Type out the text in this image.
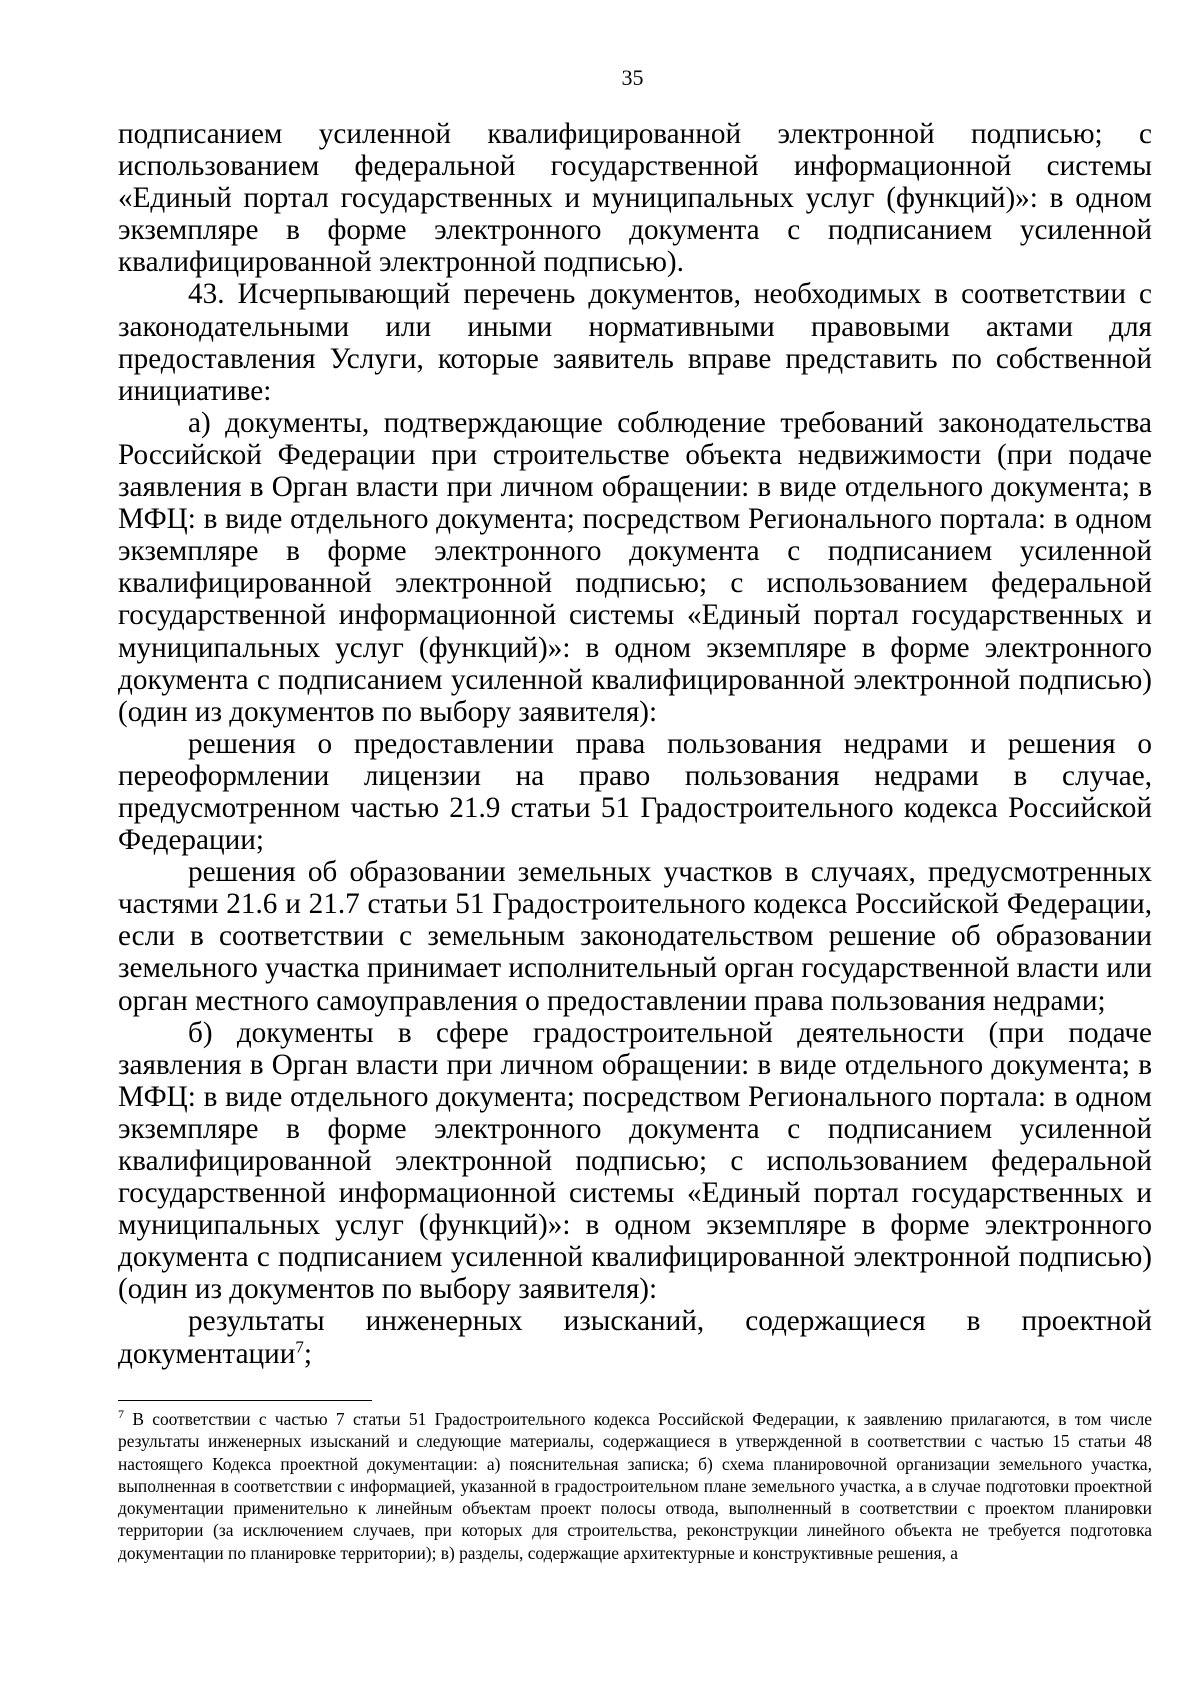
35

подписанием усиленной квалифицированной электронной подписью; с использованием федеральной государственной информационной системы «Единый портал государственных и муниципальных услуг (функций)»: в одном экземпляре в форме электронного документа с подписанием усиленной квалифицированной электронной подписью).

43. Исчерпывающий перечень документов, необходимых в соответствии с законодательными или иными нормативными правовыми актами для предоставления Услуги, которые заявитель вправе представить по собственной инициативе:

а) документы, подтверждающие соблюдение требований законодательства Российской Федерации при строительстве объекта недвижимости (при подаче заявления в Орган власти при личном обращении: в виде отдельного документа; в МФЦ: в виде отдельного документа; посредством Регионального портала: в одном экземпляре в форме электронного документа с подписанием усиленной квалифицированной электронной подписью; с использованием федеральной государственной информационной системы «Единый портал государственных и муниципальных услуг (функций)»: в одном экземпляре в форме электронного документа с подписанием усиленной квалифицированной электронной подписью) (один из документов по выбору заявителя):

решения о предоставлении права пользования недрами и решения о переоформлении лицензии на право пользования недрами в случае, предусмотренном частью 21.9 статьи 51 Градостроительного кодекса Российской Федерации;

решения об образовании земельных участков в случаях, предусмотренных частями 21.6 и 21.7 статьи 51 Градостроительного кодекса Российской Федерации, если в соответствии с земельным законодательством решение об образовании земельного участка принимает исполнительный орган государственной власти или орган местного самоуправления о предоставлении права пользования недрами;

б) документы в сфере градостроительной деятельности (при подаче заявления в Орган власти при личном обращении: в виде отдельного документа; в МФЦ: в виде отдельного документа; посредством Регионального портала: в одном экземпляре в форме электронного документа с подписанием усиленной квалифицированной электронной подписью; с использованием федеральной государственной информационной системы «Единый портал государственных и муниципальных услуг (функций)»: в одном экземпляре в форме электронного документа с подписанием усиленной квалифицированной электронной подписью) (один из документов по выбору заявителя):

результаты инженерных изысканий, содержащиеся в проектной документации$^7$;

$^7$ В соответствии с частью 7 статьи 51 Градостроительного кодекса Российской Федерации, к заявлению прилагаются, в том числе результаты инженерных изысканий и следующие материалы, содержащиеся в утвержденной в соответствии с частью 15 статьи 48 настоящего Кодекса проектной документации: а) пояснительная записка; б) схема планировочной организации земельного участка, выполненная в соответствии с информацией, указанной в градостроительном плане земельного участка, а в случае подготовки проектной документации применительно к линейным объектам проект полосы отвода, выполненный в соответствии с проектом планировки территории (за исключением случаев, при которых для строительства, реконструкции линейного объекта не требуется подготовка документации по планировке территории); в) разделы, содержащие архитектурные и конструктивные решения, а
